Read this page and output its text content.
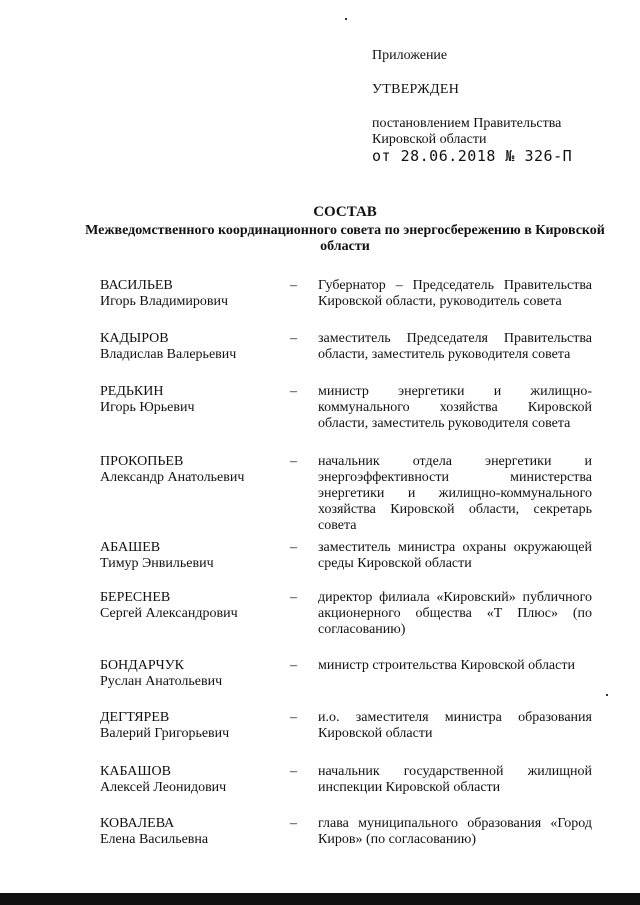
Приложение
УТВЕРЖДЕН
постановлением Правительства
Кировской области
от 28.06.2018 № 326-П
СОСТАВ
Межведомственного координационного совета по энергосбережению в Кировской области
ВАСИЛЬЕВ
Игорь Владимирович
–	Губернатор – Председатель Правительства Кировской области, руководитель совета
КАДЫРОВ
Владислав Валерьевич
–	заместитель Председателя Правительства области, заместитель руководителя совета
РЕДЬКИН
Игорь Юрьевич
–	министр энергетики и жилищно-коммунального хозяйства Кировской области, заместитель руководителя совета
ПРОКОПЬЕВ
Александр Анатольевич
–	начальник отдела энергетики и энергоэффективности министерства энергетики и жилищно-коммунального хозяйства Кировской области, секретарь совета
АБАШЕВ
Тимур Энвильевич
–	заместитель министра охраны окружающей среды Кировской области
БЕРЕСНЕВ
Сергей Александрович
–	директор филиала «Кировский» публичного акционерного общества «Т Плюс» (по согласованию)
БОНДАРЧУК
Руслан Анатольевич
–	министр строительства Кировской области
ДЕГТЯРЕВ
Валерий Григорьевич
–	и.о. заместителя министра образования Кировской области
КАБАШОВ
Алексей Леонидович
–	начальник государственной жилищной инспекции Кировской области
КОВАЛЕВА
Елена Васильевна
–	глава муниципального образования «Город Киров» (по согласованию)
